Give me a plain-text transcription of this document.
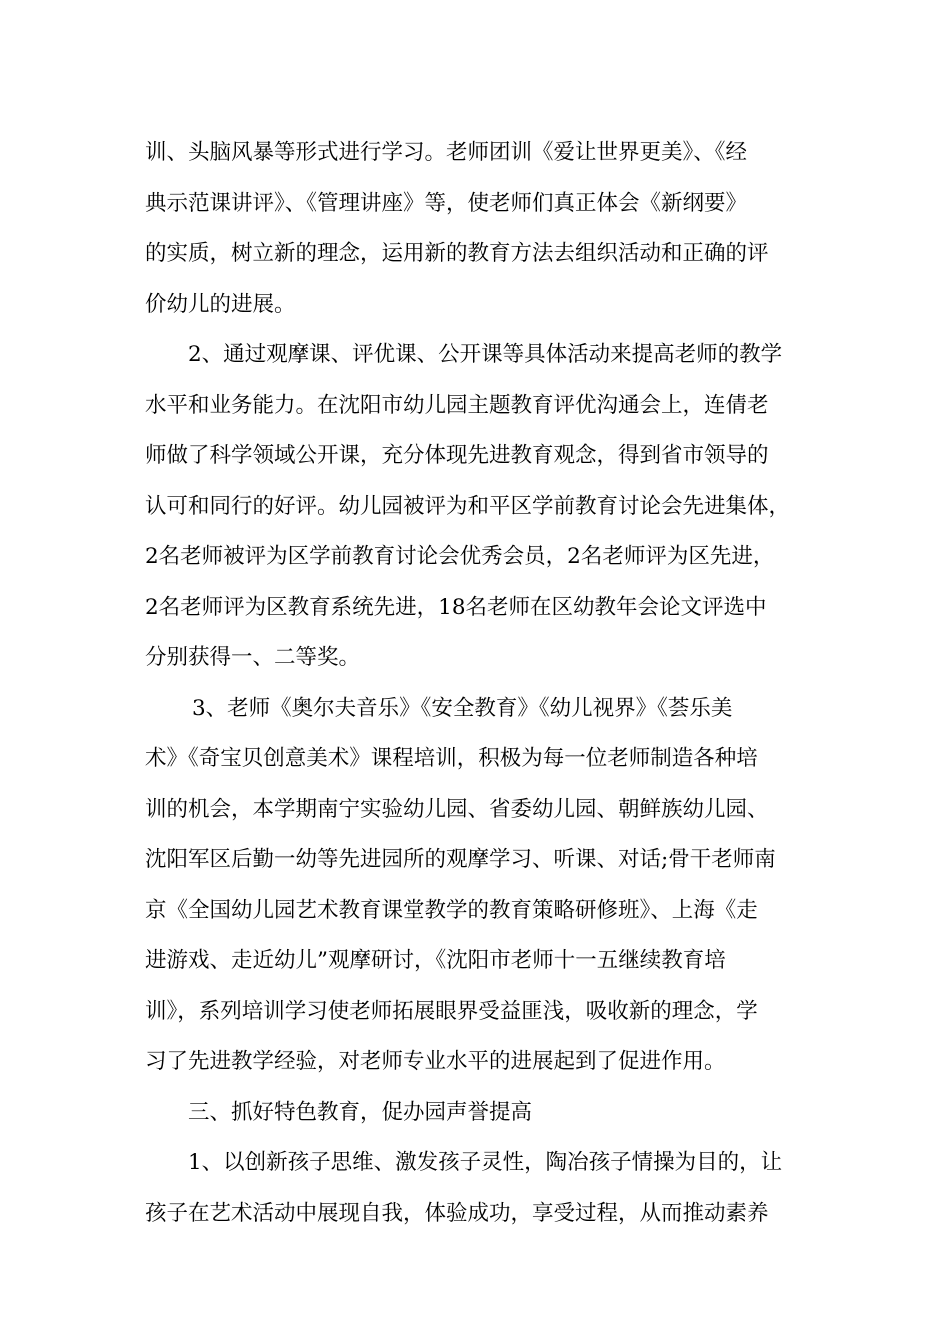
训、头脑风暴等形式进行学习。老师团训《爱让世界更美》、《经
典示范课讲评》、《管理讲座》等，使老师们真正体会《新纲要》
的实质，树立新的理念，运用新的教育方法去组织活动和正确的评
价幼儿的进展。
2、通过观摩课、评优课、公开课等具体活动来提高老师的教学
水平和业务能力。在沈阳市幼儿园主题教育评优沟通会上，连倩老
师做了科学领域公开课，充分体现先进教育观念，得到省市领导的
认可和同行的好评。幼儿园被评为和平区学前教育讨论会先进集体，
2名老师被评为区学前教育讨论会优秀会员，2名老师评为区先进，
2名老师评为区教育系统先进，18名老师在区幼教年会论文评选中
分别获得一、二等奖。
3、老师《奥尔夫音乐》《安全教育》《幼儿视界》《荟乐美
术》《奇宝贝创意美术》课程培训，积极为每一位老师制造各种培
训的机会，本学期南宁实验幼儿园、省委幼儿园、朝鲜族幼儿园、
沈阳军区后勤一幼等先进园所的观摩学习、听课、对话;骨干老师南
京《全国幼儿园艺术教育课堂教学的教育策略研修班》、上海《走
进游戏、走近幼儿”观摩研讨，《沈阳市老师十一五继续教育培
训》，系列培训学习使老师拓展眼界受益匪浅，吸收新的理念，学
习了先进教学经验，对老师专业水平的进展起到了促进作用。
三、抓好特色教育，促办园声誉提高
1、以创新孩子思维、激发孩子灵性，陶冶孩子情操为目的，让
孩子在艺术活动中展现自我，体验成功，享受过程，从而推动素养
